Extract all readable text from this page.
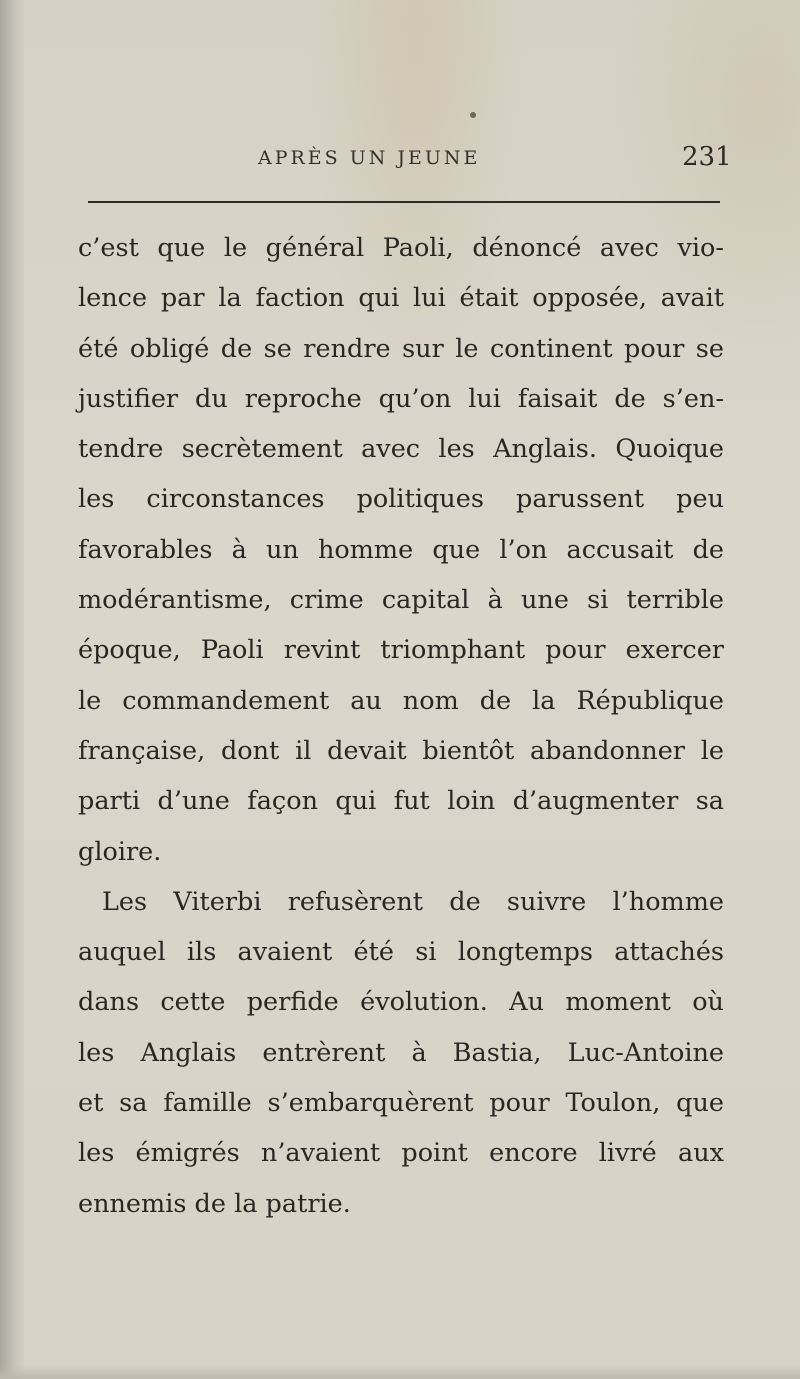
APRÈS UN JEUNE	231
c’est que le général Paoli, dénoncé avec vio-
lence par la faction qui lui était opposée, avait
été obligé de se rendre sur le continent pour se
justifier du reproche qu’on lui faisait de s’en-
tendre secrètement avec les Anglais. Quoique
les circonstances politiques parussent peu
favorables à un homme que l’on accusait de
modérantisme, crime capital à une si terrible
époque, Paoli revint triomphant pour exercer
le commandement au nom de la République
française, dont il devait bientôt abandonner le
parti d’une façon qui fut loin d’augmenter sa
gloire.
Les Viterbi refusèrent de suivre l’homme
auquel ils avaient été si longtemps attachés
dans cette perfide évolution. Au moment où
les Anglais entrèrent à Bastia, Luc-Antoine
et sa famille s’embarquèrent pour Toulon, que
les émigrés n’avaient point encore livré aux
ennemis de la patrie.
